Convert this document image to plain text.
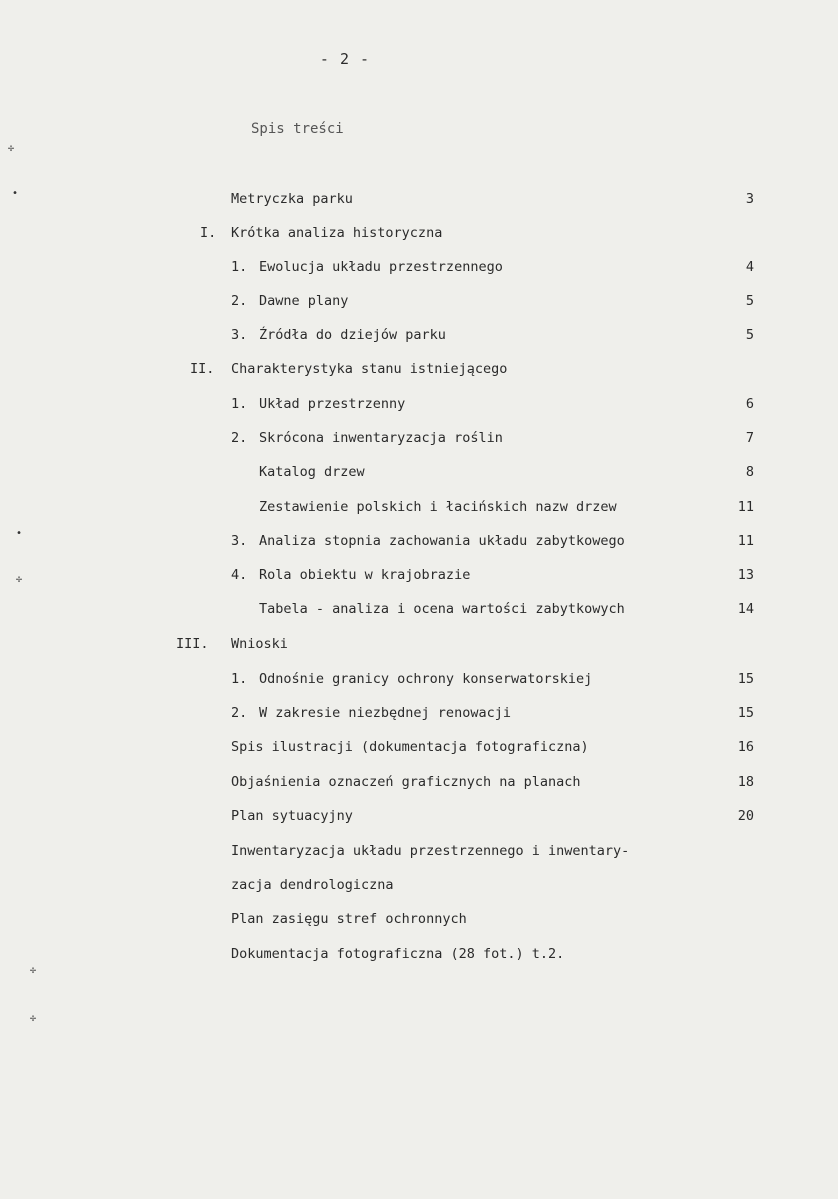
- 2 -
Spis treści
✢
•
•
✢
✢
✢
Metryczka parku	3
I. Krótka analiza historyczna
1. Ewolucja układu przestrzennego	4
2. Dawne plany	5
3. Źródła do dziejów parku	5
II. Charakterystyka stanu istniejącego
1. Układ przestrzenny	6
2. Skrócona inwentaryzacja roślin	7
Katalog drzew	8
Zestawienie polskich i łacińskich nazw drzew	11
3. Analiza stopnia zachowania układu zabytkowego	11
4. Rola obiektu w krajobrazie	13
Tabela - analiza i ocena wartości zabytkowych	14
III. Wnioski
1. Odnośnie granicy ochrony konserwatorskiej	15
2. W zakresie niezbędnej renowacji	15
Spis ilustracji (dokumentacja fotograficzna)	16
Objaśnienia oznaczeń graficznych na planach	18
Plan sytuacyjny	20
Inwentaryzacja układu przestrzennego i inwentary-
zacja dendrologiczna
Plan zasięgu stref ochronnych
Dokumentacja fotograficzna (28 fot.) t.2.
